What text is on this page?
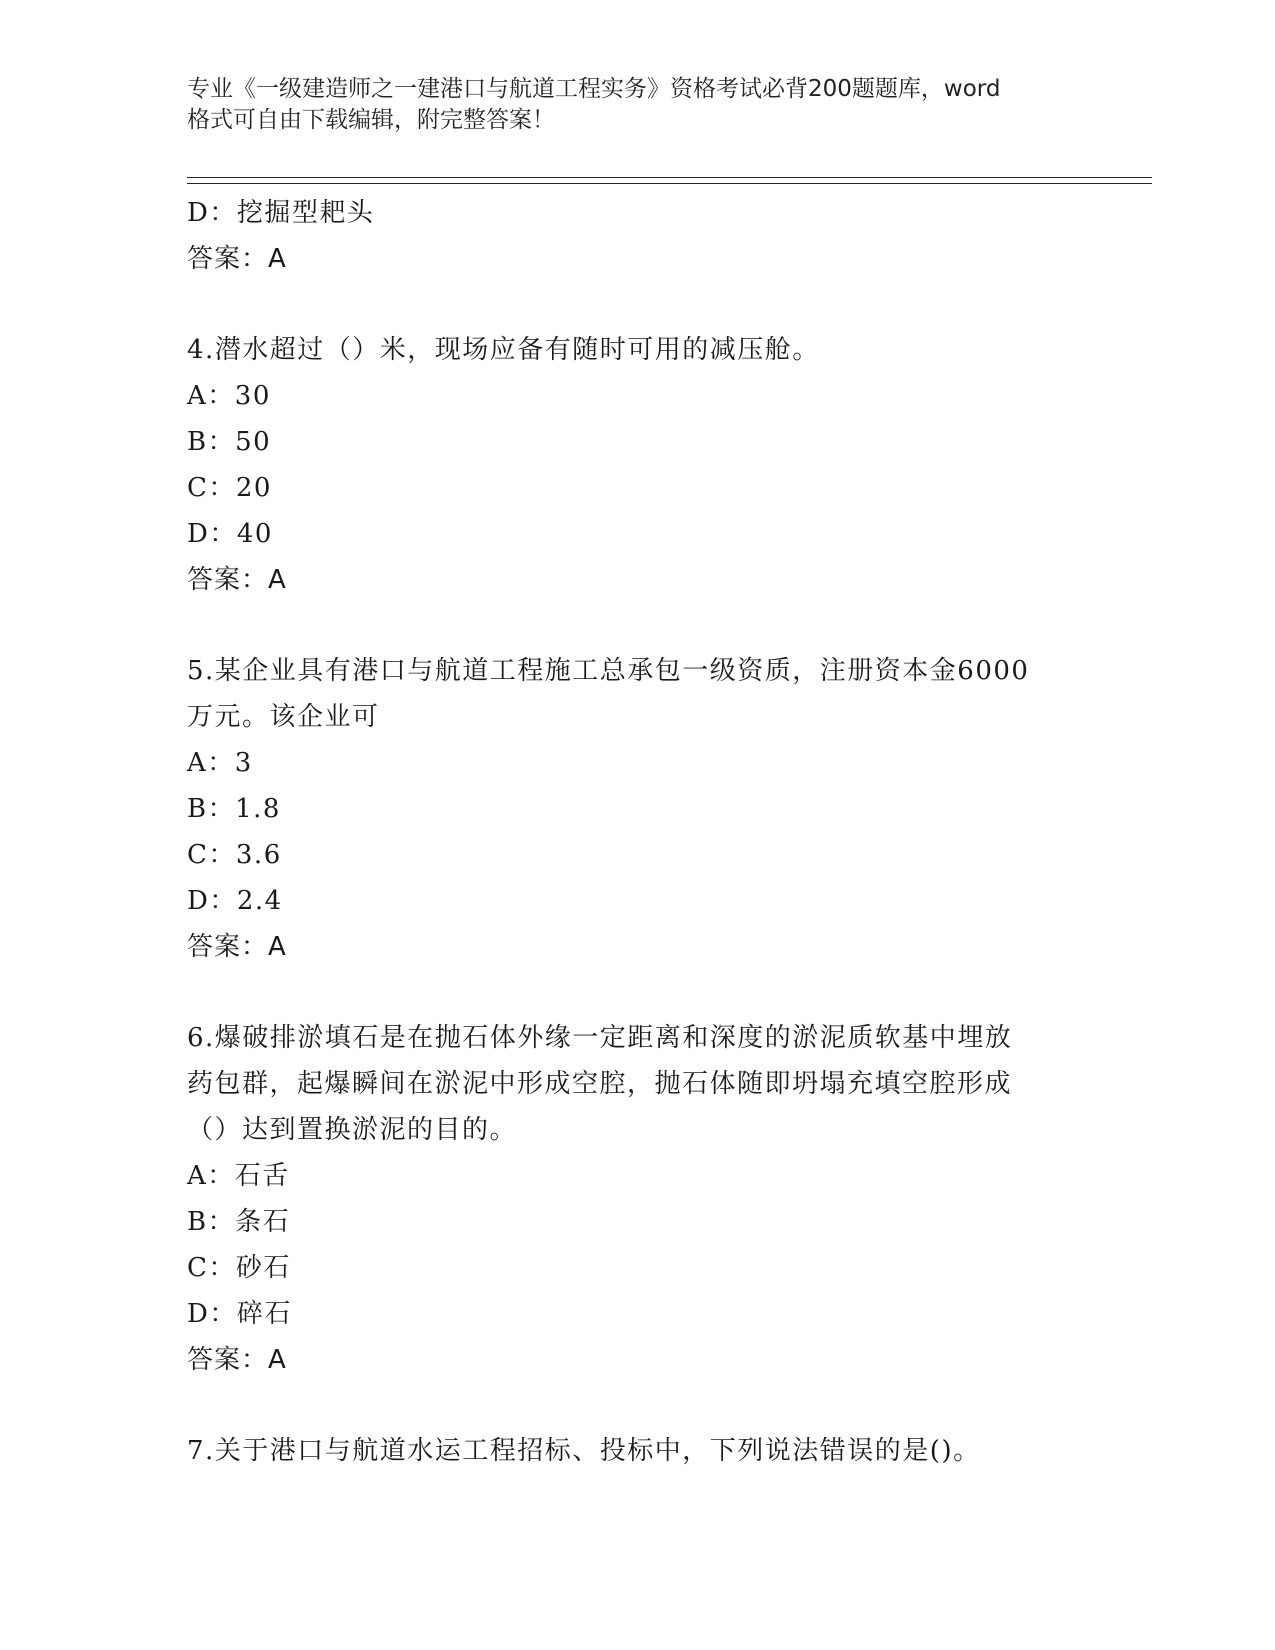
专业《一级建造师之一建港口与航道工程实务》资格考试必背200题题库，word
格式可自由下载编辑，附完整答案！
D：挖掘型耙头
答案：A
4.潜水超过（）米，现场应备有随时可用的减压舱。
A：30
B：50
C：20
D：40
答案：A
5.某企业具有港口与航道工程施工总承包一级资质，注册资本金6000
万元。该企业可
A：3
B：1.8
C：3.6
D：2.4
答案：A
6.爆破排淤填石是在抛石体外缘一定距离和深度的淤泥质软基中埋放
药包群，起爆瞬间在淤泥中形成空腔，抛石体随即坍塌充填空腔形成
（）达到置换淤泥的目的。
A：石舌
B：条石
C：砂石
D：碎石
答案：A
7.关于港口与航道水运工程招标、投标中，下列说法错误的是()。
